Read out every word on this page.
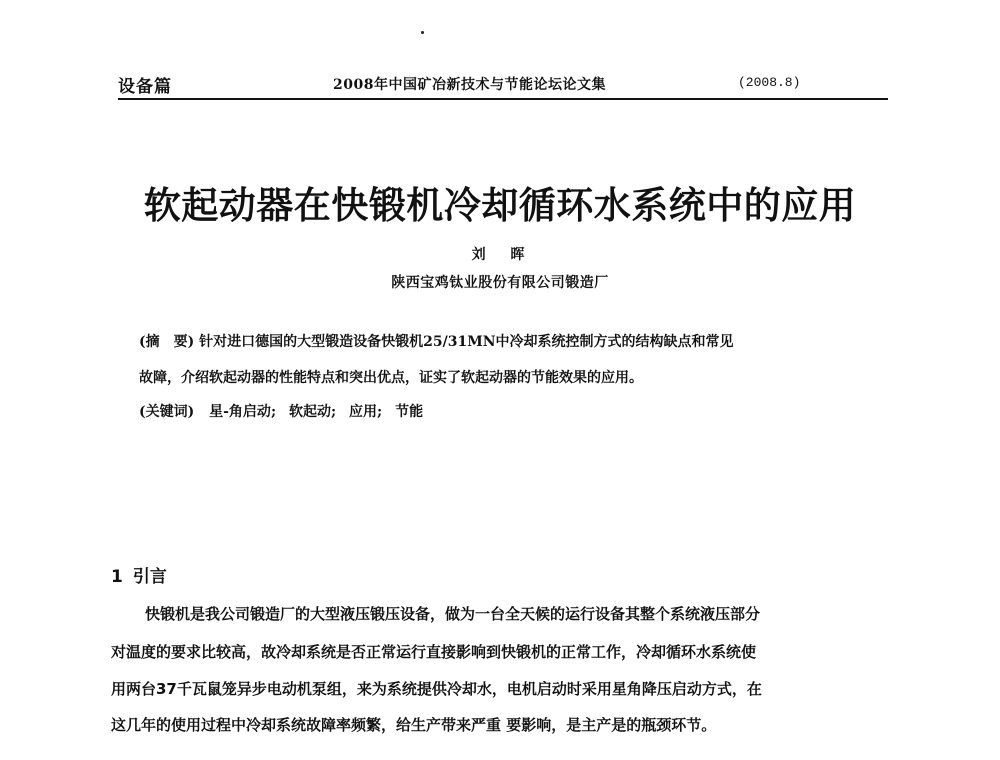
设备篇	2008年中国矿冶新技术与节能论坛论文集	(2008.8)
软起动器在快锻机冷却循环水系统中的应用
刘 晖
陕西宝鸡钛业股份有限公司锻造厂
(摘　要) 针对进口德国的大型锻造设备快锻机25/31MN中冷却系统控制方式的结构缺点和常见
故障，介绍软起动器的性能特点和突出优点，证实了软起动器的节能效果的应用。
(关键词) 星-角启动; 软起动; 应用; 节能
1 引言
快锻机是我公司锻造厂的大型液压锻压设备，做为一台全天候的运行设备其整个系统液压部分
对温度的要求比较高，故冷却系统是否正常运行直接影响到快锻机的正常工作，冷却循环水系统使
用两台37千瓦鼠笼异步电动机泵组，来为系统提供冷却水，电机启动时采用星角降压启动方式，在
这几年的使用过程中冷却系统故障率频繁，给生产带来严重 要影响，是主产是的瓶颈环节。
